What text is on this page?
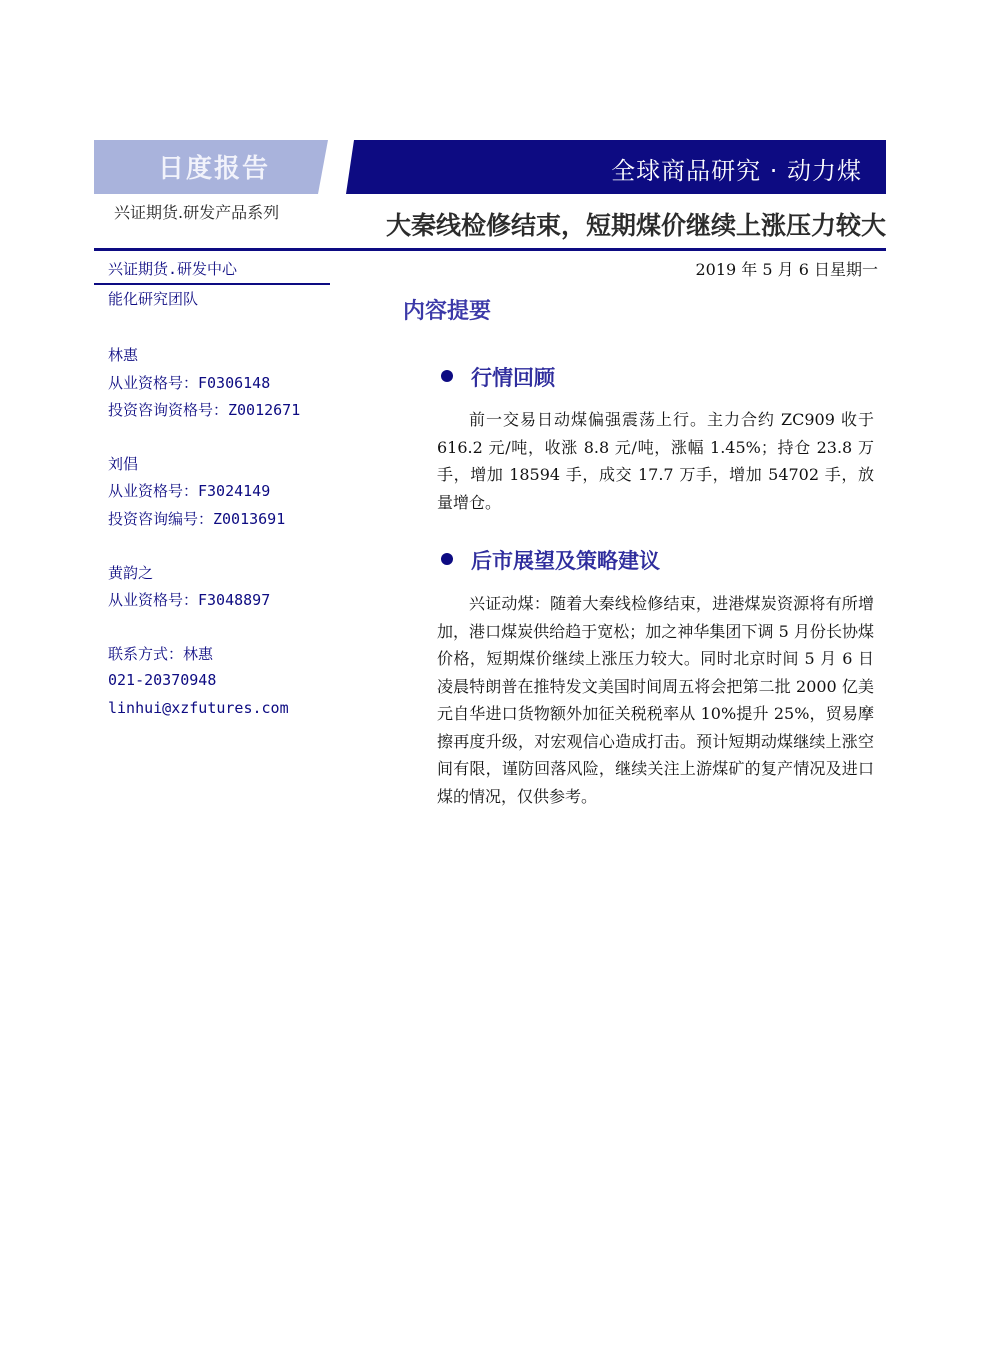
日度报告	全球商品研究 · 动力煤
兴证期货.研发产品系列	大秦线检修结束，短期煤价继续上涨压力较大
2019 年 5 月 6 日星期一
兴证期货.研发中心
能化研究团队
林惠
从业资格号：F0306148
投资咨询资格号：Z0012671
刘倡
从业资格号：F3024149
投资咨询编号：Z0013691
黄韵之
从业资格号：F3048897
联系方式：林惠
021-20370948
linhui@xzfutures.com
内容提要
行情回顾

前一交易日动煤偏强震荡上行。主力合约 ZC909 收于 616.2 元/吨，收涨 8.8 元/吨，涨幅 1.45%；持仓 23.8 万手，增加 18594 手，成交 17.7 万手，增加 54702 手，放量增仓。

后市展望及策略建议

兴证动煤：随着大秦线检修结束，进港煤炭资源将有所增加，港口煤炭供给趋于宽松；加之神华集团下调 5 月份长协煤价格，短期煤价继续上涨压力较大。同时北京时间 5 月 6 日凌晨特朗普在推特发文美国时间周五将会把第二批 2000 亿美元自华进口货物额外加征关税税率从 10%提升 25%，贸易摩擦再度升级，对宏观信心造成打击。预计短期动煤继续上涨空间有限，谨防回落风险，继续关注上游煤矿的复产情况及进口煤的情况，仅供参考。
